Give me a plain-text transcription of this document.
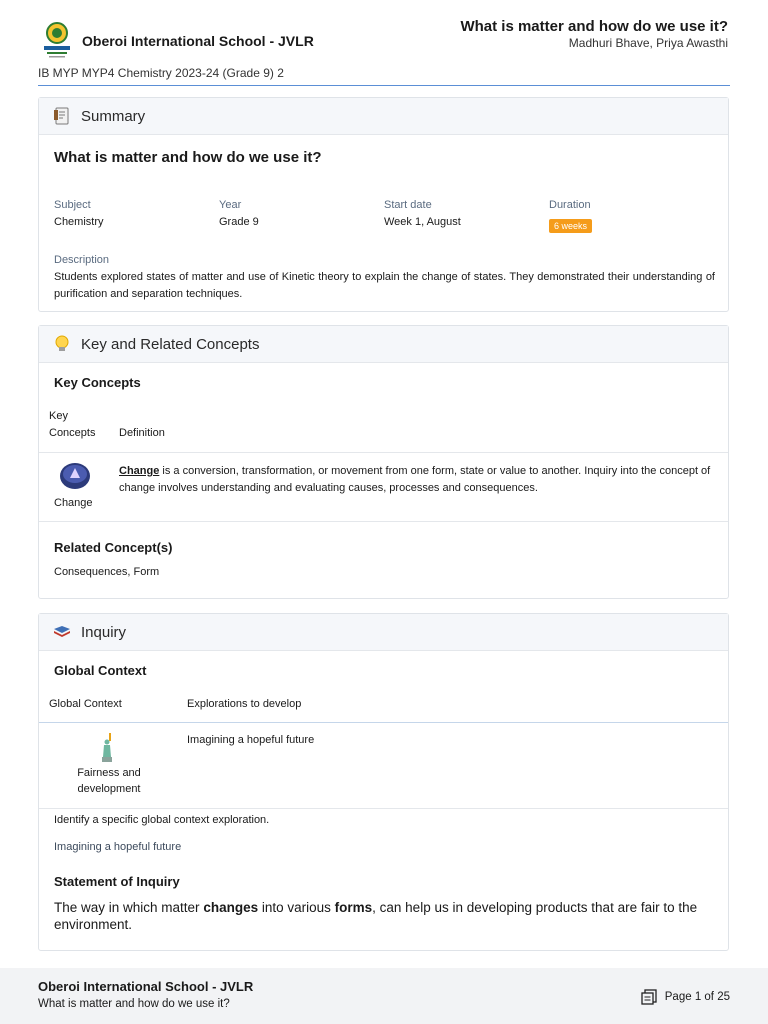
Oberoi International School - JVLR
What is matter and how do we use it?
Madhuri Bhave, Priya Awasthi
IB MYP MYP4 Chemistry 2023-24 (Grade 9) 2
Summary
What is matter and how do we use it?
Subject
Chemistry
Year
Grade 9
Start date
Week 1, August
Duration
6 weeks
Description
Students explored states of matter and use of Kinetic theory to explain the change of states. They demonstrated their understanding of purification and separation techniques.
Key and Related Concepts
Key Concepts
Key
Concepts Definition
Change
Change is a conversion, transformation, or movement from one form, state or value to another. Inquiry into the concept of change involves understanding and evaluating causes, processes and consequences.
Related Concept(s)
Consequences, Form
Inquiry
Global Context
Global Context	Explorations to develop
Fairness and
development
Imagining a hopeful future
Identify a specific global context exploration.
Imagining a hopeful future
Statement of Inquiry
The way in which matter changes into various forms, can help us in developing products that are fair to the environment.
Oberoi International School - JVLR
What is matter and how do we use it?
Page 1 of 25
